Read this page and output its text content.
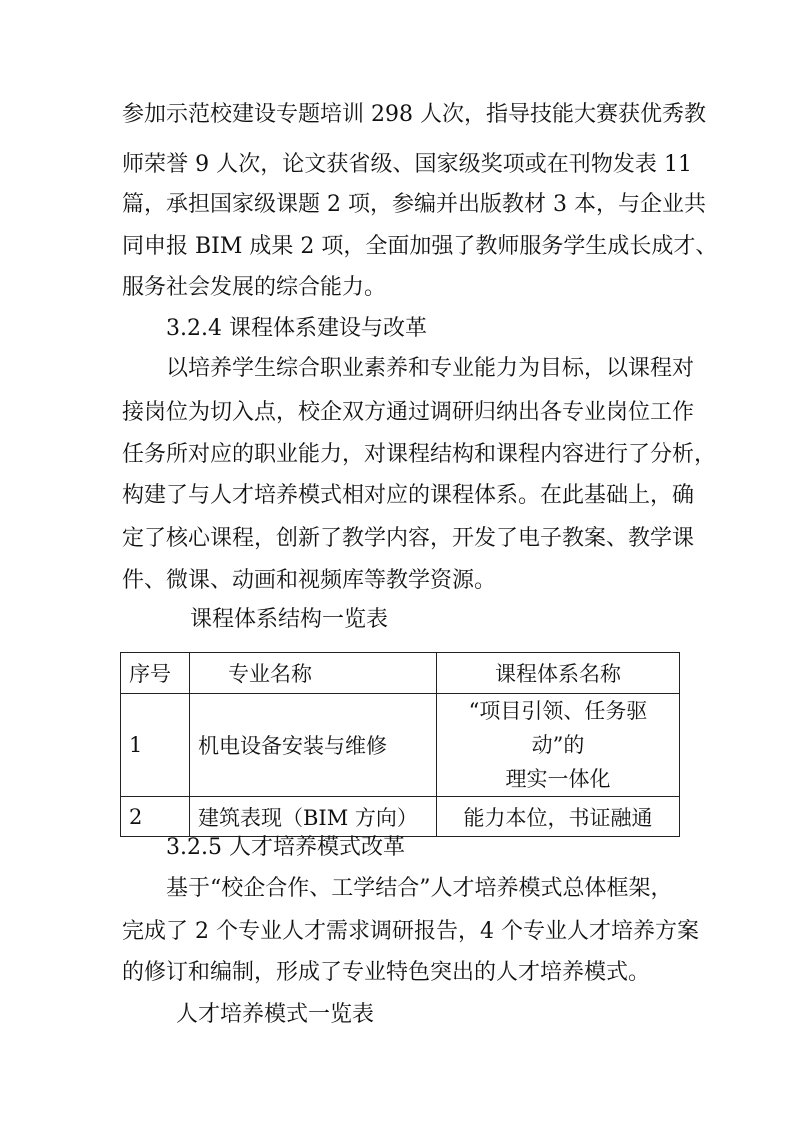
参加示范校建设专题培训 298 人次，指导技能大赛获优秀教
师荣誉 9 人次，论文获省级、国家级奖项或在刊物发表 11
篇，承担国家级课题 2 项，参编并出版教材 3 本，与企业共
同申报 BIM 成果 2 项，全面加强了教师服务学生成长成才、
服务社会发展的综合能力。
3.2.4 课程体系建设与改革
以培养学生综合职业素养和专业能力为目标，以课程对
接岗位为切入点，校企双方通过调研归纳出各专业岗位工作
任务所对应的职业能力，对课程结构和课程内容进行了分析，
构建了与人才培养模式相对应的课程体系。在此基础上，确
定了核心课程，创新了教学内容，开发了电子教案、教学课
件、微课、动画和视频库等教学资源。
课程体系结构一览表
序号	专业名称	课程体系名称
1	机电设备安装与维修	“项目引领、任务驱动”的
理实一体化

2	建筑表现（BIM 方向）	能力本位，书证融通
3.2.5 人才培养模式改革
基于“校企合作、工学结合”人才培养模式总体框架，
完成了 2 个专业人才需求调研报告，4 个专业人才培养方案
的修订和编制，形成了专业特色突出的人才培养模式。
人才培养模式一览表
